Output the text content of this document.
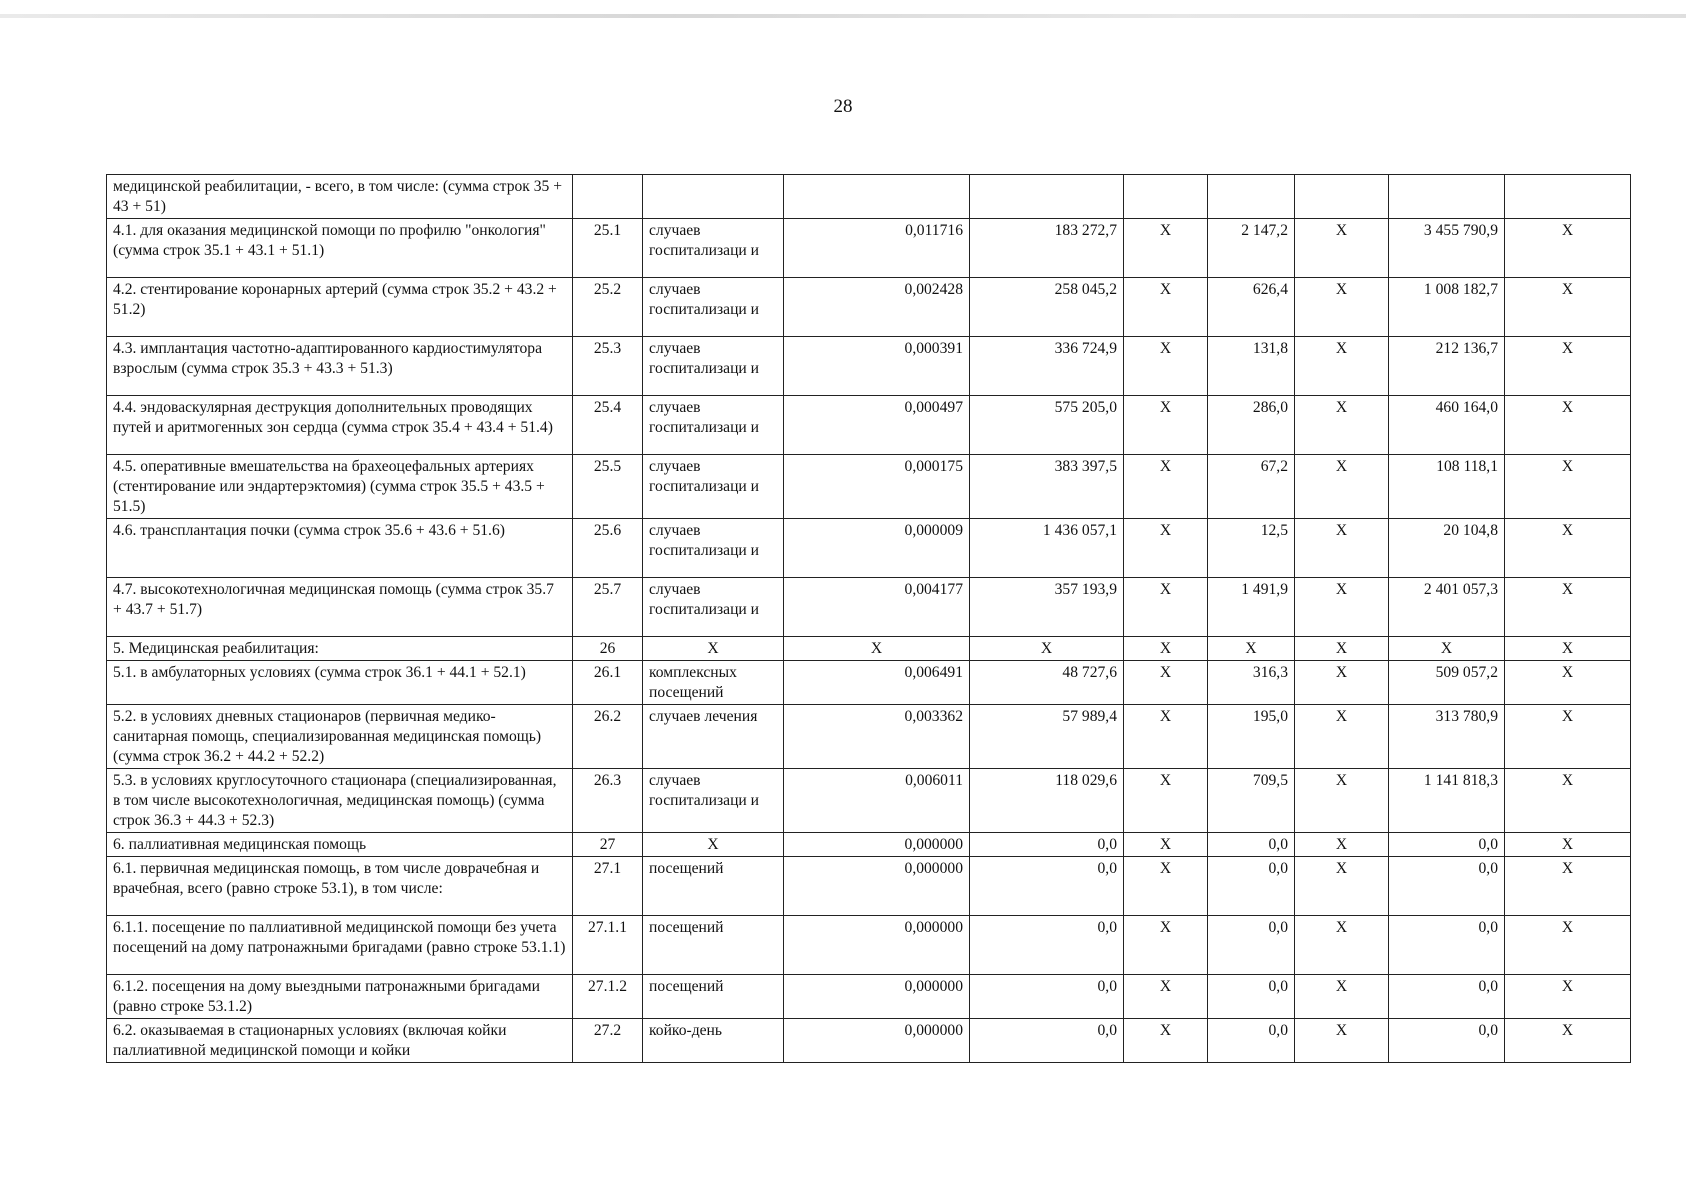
28
медицинской реабилитации, - всего, в том числе: (сумма строк 35 + 43 + 51)									
4.1. для оказания медицинской помощи по профилю "онкология" (сумма строк 35.1 + 43.1 + 51.1)	25.1	случаев госпитализаци и	0,011716	183 272,7	X	2 147,2	X	3 455 790,9	X
4.2. стентирование коронарных артерий (сумма строк 35.2 + 43.2 + 51.2)	25.2	случаев госпитализаци и	0,002428	258 045,2	X	626,4	X	1 008 182,7	X
4.3. имплантация частотно-адаптированного кардиостимулятора взрослым (сумма строк 35.3 + 43.3 + 51.3)	25.3	случаев госпитализаци и	0,000391	336 724,9	X	131,8	X	212 136,7	X
4.4. эндоваскулярная деструкция дополнительных проводящих путей и аритмогенных зон сердца (сумма строк 35.4 + 43.4 + 51.4)	25.4	случаев госпитализаци и	0,000497	575 205,0	X	286,0	X	460 164,0	X
4.5. оперативные вмешательства на брахеоцефальных артериях (стентирование или эндартерэктомия) (сумма строк 35.5 + 43.5 + 51.5)	25.5	случаев госпитализаци и	0,000175	383 397,5	X	67,2	X	108 118,1	X
4.6. трансплантация почки (сумма строк 35.6 + 43.6 + 51.6)	25.6	случаев госпитализаци и	0,000009	1 436 057,1	X	12,5	X	20 104,8	X
4.7. высокотехнологичная медицинская помощь (сумма строк 35.7 + 43.7 + 51.7)	25.7	случаев госпитализаци и	0,004177	357 193,9	X	1 491,9	X	2 401 057,3	X
5. Медицинская реабилитация:	26	X	X	X	X	X	X	X	X
5.1. в амбулаторных условиях (сумма строк 36.1 + 44.1 + 52.1)	26.1	комплексных посещений	0,006491	48 727,6	X	316,3	X	509 057,2	X
5.2. в условиях дневных стационаров (первичная медико-санитарная помощь, специализированная медицинская помощь) (сумма строк 36.2 + 44.2 + 52.2)	26.2	случаев лечения	0,003362	57 989,4	X	195,0	X	313 780,9	X
5.3. в условиях круглосуточного стационара (специализированная, в том числе высокотехнологичная, медицинская помощь) (сумма строк 36.3 + 44.3 + 52.3)	26.3	случаев госпитализаци и	0,006011	118 029,6	X	709,5	X	1 141 818,3	X
6. паллиативная медицинская помощь	27	X	0,000000	0,0	X	0,0	X	0,0	X
6.1. первичная медицинская помощь, в том числе доврачебная и врачебная, всего (равно строке 53.1), в том числе:	27.1	посещений	0,000000	0,0	X	0,0	X	0,0	X
6.1.1. посещение по паллиативной медицинской помощи без учета посещений на дому патронажными бригадами (равно строке 53.1.1)	27.1.1	посещений	0,000000	0,0	X	0,0	X	0,0	X
6.1.2. посещения на дому выездными патронажными бригадами (равно строке 53.1.2)	27.1.2	посещений	0,000000	0,0	X	0,0	X	0,0	X
6.2. оказываемая в стационарных условиях (включая койки паллиативной медицинской помощи и койки	27.2	койко-день	0,000000	0,0	X	0,0	X	0,0	X
